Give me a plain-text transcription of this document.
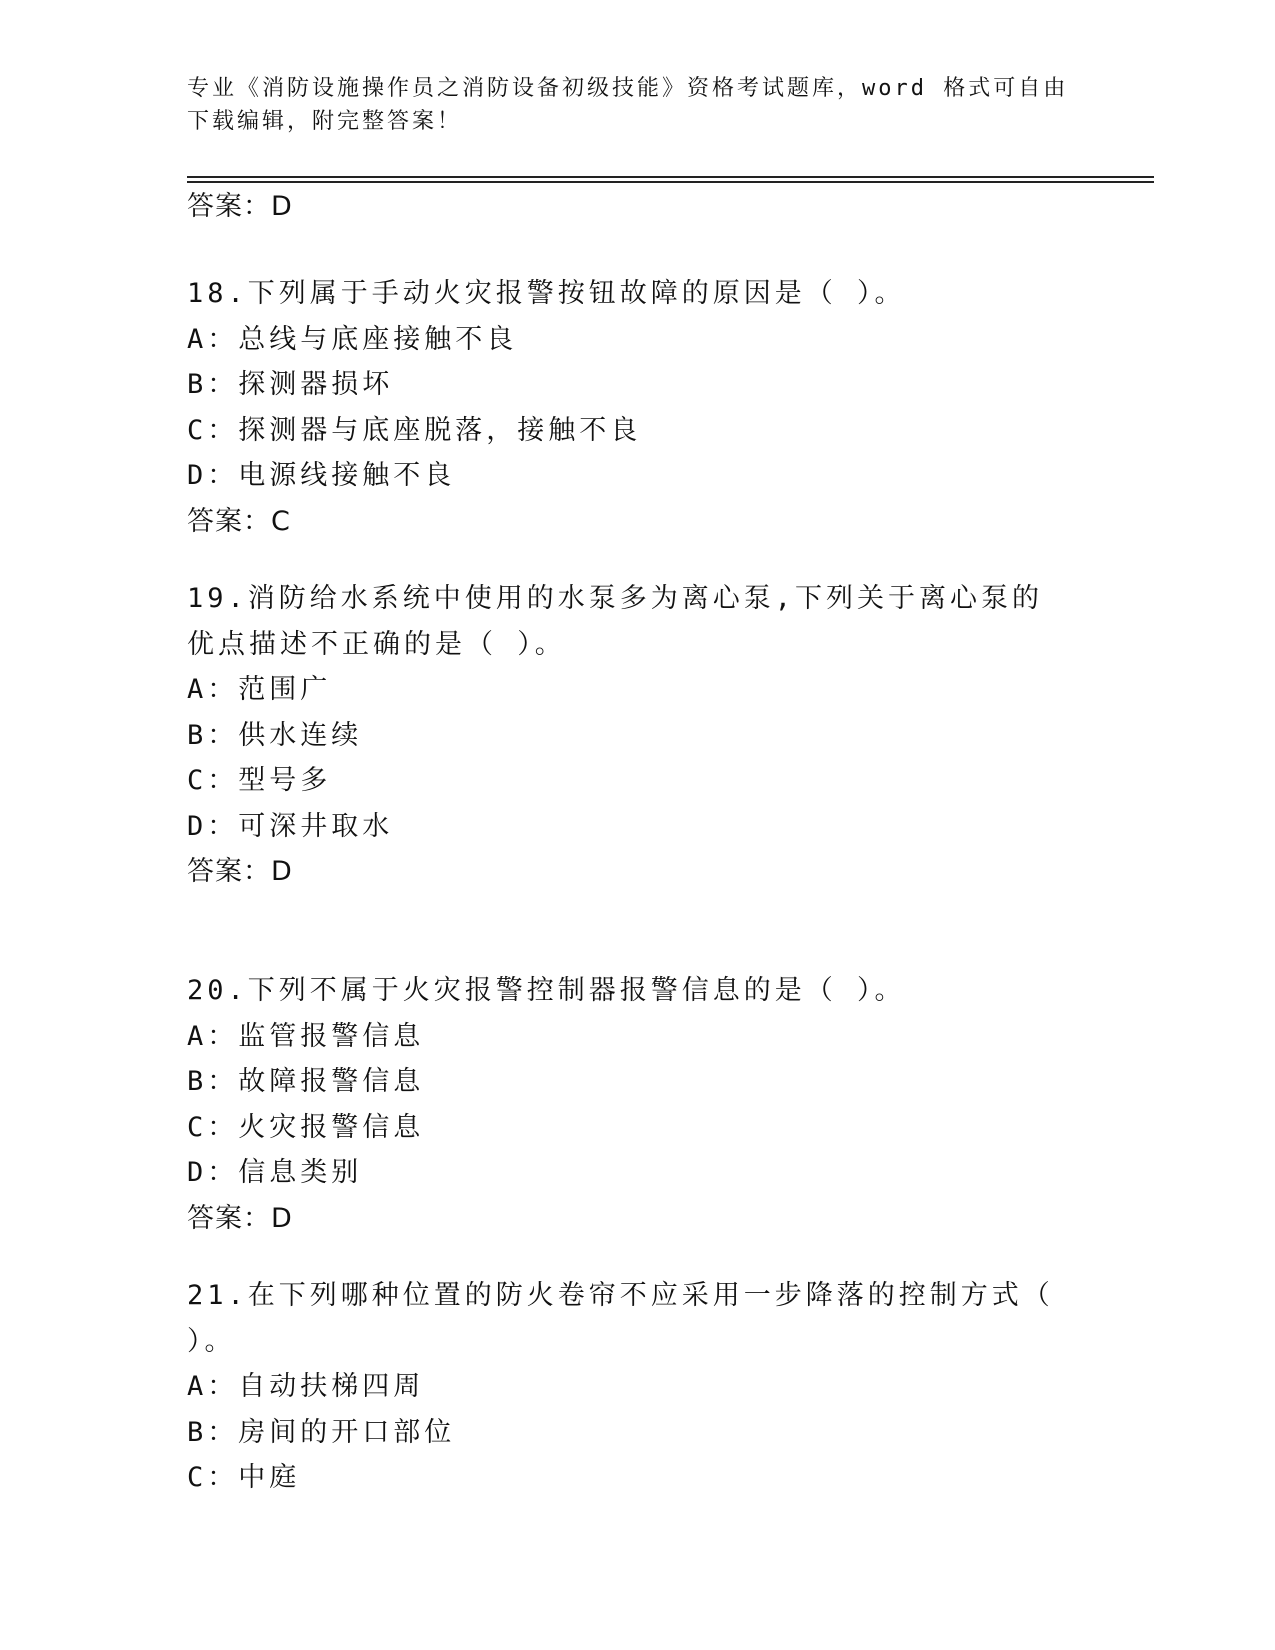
专业《消防设施操作员之消防设备初级技能》资格考试题库，word 格式可自由下载编辑，附完整答案！
答案：D
18.下列属于手动火灾报警按钮故障的原因是（ ）。
A：总线与底座接触不良
B：探测器损坏
C：探测器与底座脱落，接触不良
D：电源线接触不良
答案：C
19.消防给水系统中使用的水泵多为离心泵,下列关于离心泵的优点描述不正确的是（ ）。
A：范围广
B：供水连续
C：型号多
D：可深井取水
答案：D
20.下列不属于火灾报警控制器报警信息的是（ ）。
A：监管报警信息
B：故障报警信息
C：火灾报警信息
D：信息类别
答案：D
21.在下列哪种位置的防火卷帘不应采用一步降落的控制方式（ ）。
A：自动扶梯四周
B：房间的开口部位
C：中庭
